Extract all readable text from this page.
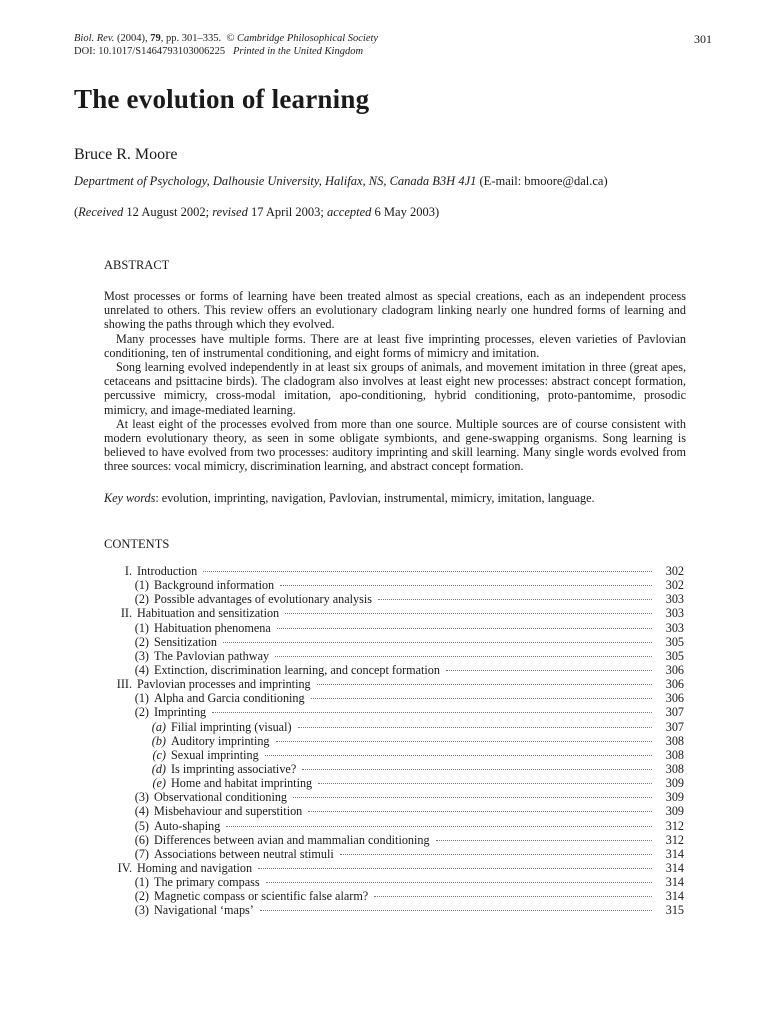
Biol. Rev. (2004), 79, pp. 301–335. © Cambridge Philosophical Society
DOI: 10.1017/S1464793103006225 Printed in the United Kingdom
301
The evolution of learning
Bruce R. Moore
Department of Psychology, Dalhousie University, Halifax, NS, Canada B3H 4J1 (E-mail: bmoore@dal.ca)
(Received 12 August 2002; revised 17 April 2003; accepted 6 May 2003)
ABSTRACT

Most processes or forms of learning have been treated almost as special creations, each as an independent process unrelated to others. This review offers an evolutionary cladogram linking nearly one hundred forms of learning and showing the paths through which they evolved.

Many processes have multiple forms. There are at least five imprinting processes, eleven varieties of Pavlovian conditioning, ten of instrumental conditioning, and eight forms of mimicry and imitation.

Song learning evolved independently in at least six groups of animals, and movement imitation in three (great apes, cetaceans and psittacine birds). The cladogram also involves at least eight new processes: abstract concept formation, percussive mimicry, cross-modal imitation, apo-conditioning, hybrid conditioning, proto-pantomime, prosodic mimicry, and image-mediated learning.

At least eight of the processes evolved from more than one source. Multiple sources are of course consistent with modern evolutionary theory, as seen in some obligate symbionts, and gene-swapping organisms. Song learning is believed to have evolved from two processes: auditory imprinting and skill learning. Many single words evolved from three sources: vocal mimicry, discrimination learning, and abstract concept formation.

Key words: evolution, imprinting, navigation, Pavlovian, instrumental, mimicry, imitation, language.
CONTENTS
I. Introduction	302
(1) Background information	302
(2) Possible advantages of evolutionary analysis	303
II. Habituation and sensitization	303
(1) Habituation phenomena	303
(2) Sensitization	305
(3) The Pavlovian pathway	305
(4) Extinction, discrimination learning, and concept formation	306
III. Pavlovian processes and imprinting	306
(1) Alpha and Garcia conditioning	306
(2) Imprinting	307
(a) Filial imprinting (visual)	307
(b) Auditory imprinting	308
(c) Sexual imprinting	308
(d) Is imprinting associative?	308
(e) Home and habitat imprinting	309
(3) Observational conditioning	309
(4) Misbehaviour and superstition	309
(5) Auto-shaping	312
(6) Differences between avian and mammalian conditioning	312
(7) Associations between neutral stimuli	314
IV. Homing and navigation	314
(1) The primary compass	314
(2) Magnetic compass or scientific false alarm?	314
(3) Navigational ‘maps’	315
